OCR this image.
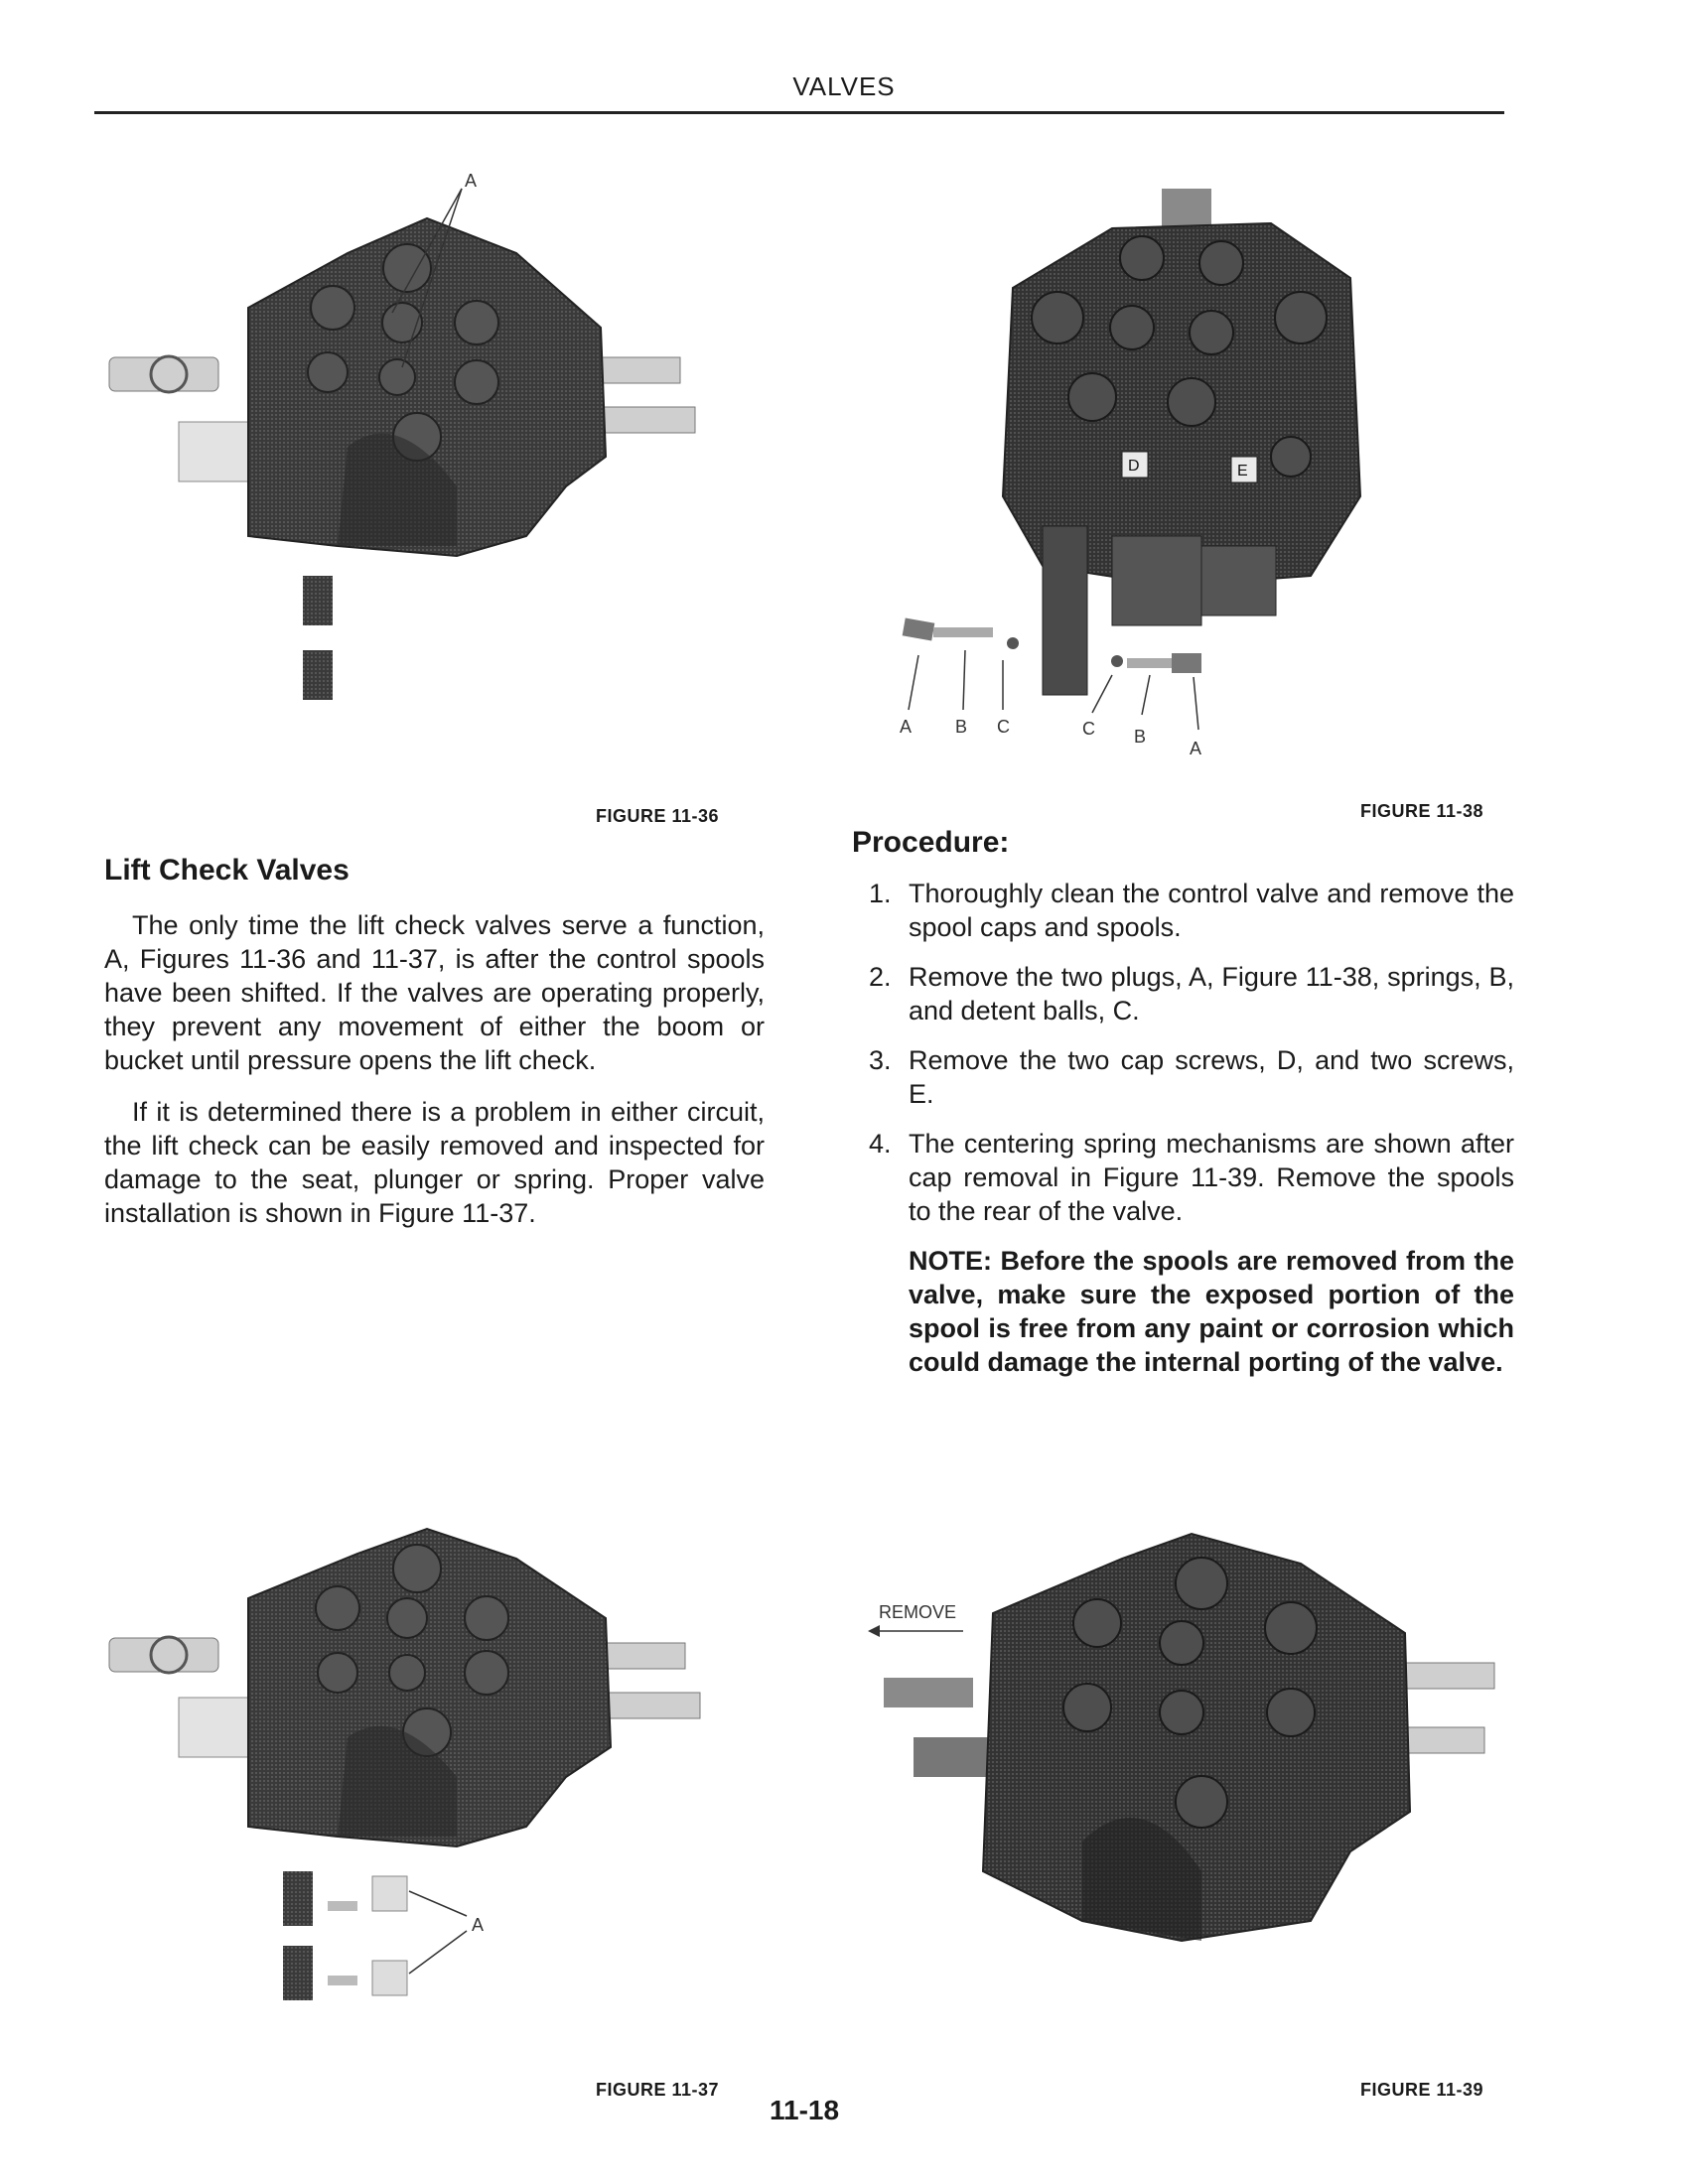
VALVES
A
FIGURE 11-36
D	E
A B C	C B
A
FIGURE 11-38
Lift Check Valves

The only time the lift check valves serve a function, A, Figures 11-36 and 11-37, is after the control spools have been shifted. If the valves are operating properly, they prevent any movement of either the boom or bucket until pressure opens the lift check.

If it is determined there is a problem in either circuit, the lift check can be easily removed and inspected for damage to the seat, plunger or spring. Proper valve installation is shown in Figure 11-37.

Procedure:
1. Thoroughly clean the control valve and remove the spool caps and spools.
2. Remove the two plugs, A, Figure 11-38, springs, B, and detent balls, C.
3. Remove the two cap screws, D, and two screws, E.
4. The centering spring mechanisms are shown after cap removal in Figure 11-39. Remove the spools to the rear of the valve.
NOTE: Before the spools are removed from the valve, make sure the exposed portion of the spool is free from any paint or corrosion which could damage the internal porting of the valve.
A
FIGURE 11-37
REMOVE
FIGURE 11-39
11-18
